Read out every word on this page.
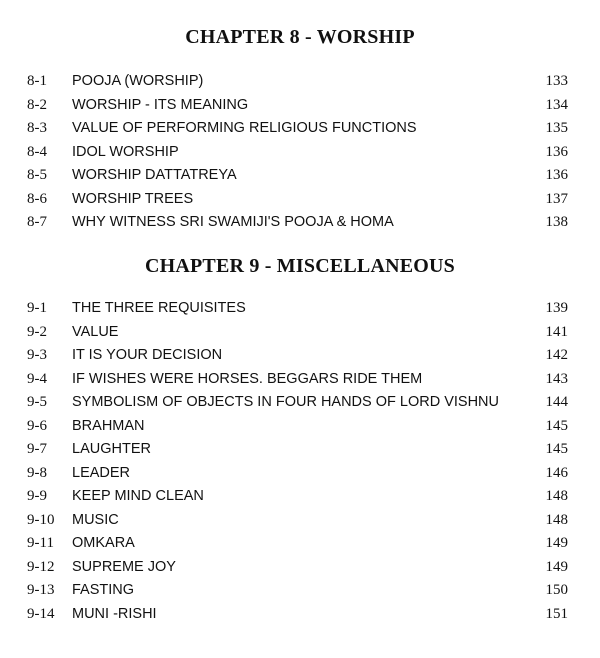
CHAPTER 8 - WORSHIP
8-1 POOJA (WORSHIP)	133
8-2 WORSHIP - ITS MEANING	134
8-3 VALUE OF PERFORMING RELIGIOUS FUNCTIONS	135
8-4 IDOL WORSHIP	136
8-5 WORSHIP DATTATREYA	136
8-6 WORSHIP TREES	137
8-7 WHY WITNESS SRI SWAMIJI'S POOJA & HOMA	138
CHAPTER 9 - MISCELLANEOUS
9-1 THE THREE REQUISITES	139
9-2 VALUE	141
9-3 IT IS YOUR DECISION	142
9-4 IF WISHES WERE HORSES. BEGGARS RIDE THEM	143
9-5 SYMBOLISM OF OBJECTS IN FOUR HANDS OF LORD VISHNU	144
9-6 BRAHMAN	145
9-7 LAUGHTER	145
9-8 LEADER	146
9-9 KEEP MIND CLEAN	148
9-10 MUSIC	148
9-11 OMKARA	149
9-12 SUPREME JOY	149
9-13 FASTING	150
9-14 MUNI -RISHI	151
